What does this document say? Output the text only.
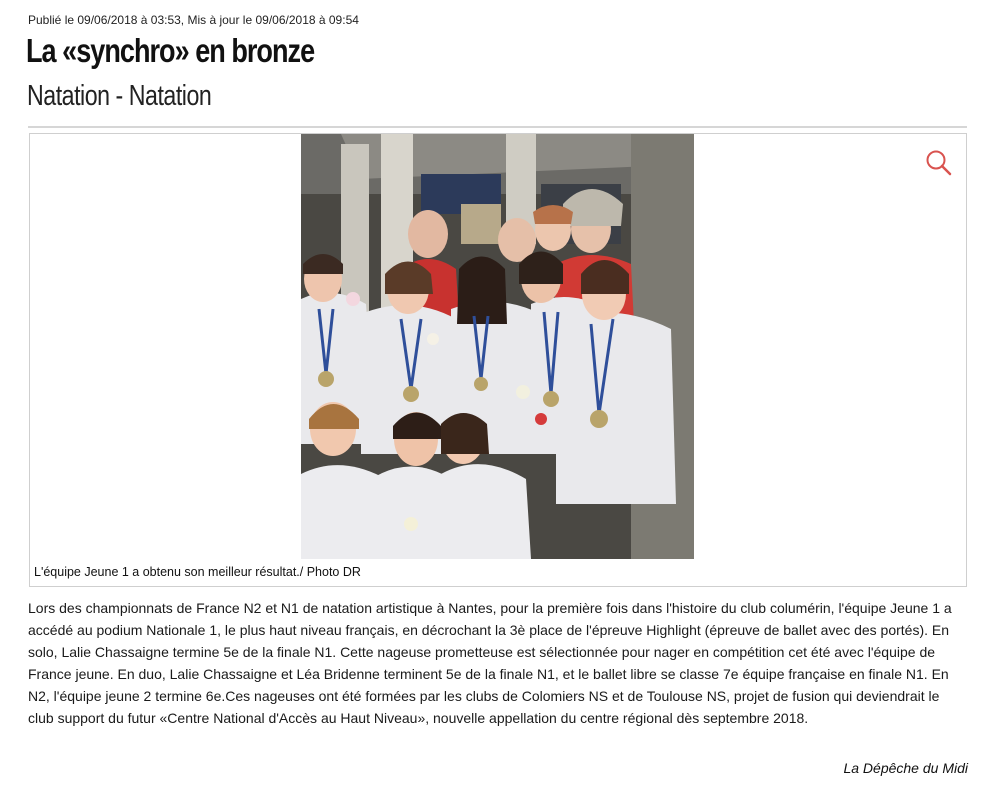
Publié le 09/06/2018 à 03:53, Mis à jour le 09/06/2018 à 09:54
La «synchro» en bronze
Natation - Natation
L'équipe Jeune 1 a obtenu son meilleur résultat./ Photo DR

Lors des championnats de France N2 et N1 de natation artistique à Nantes, pour la première fois dans l'histoire du club columérin, l'équipe Jeune 1 a accédé au podium Nationale 1, le plus haut niveau français, en décrochant la 3è place de l'épreuve Highlight (épreuve de ballet avec des portés). En solo, Lalie Chassaigne termine 5e de la finale N1. Cette nageuse prometteuse est sélectionnée pour nager en compétition cet été avec l'équipe de France jeune. En duo, Lalie Chassaigne et Léa Bridenne terminent 5e de la finale N1, et le ballet libre se classe 7e équipe française en finale N1. En N2, l'équipe jeune 2 termine 6e.Ces nageuses ont été formées par les clubs de Colomiers NS et de Toulouse NS, projet de fusion qui deviendrait le club support du futur «Centre National d'Accès au Haut Niveau», nouvelle appellation du centre régional dès septembre 2018.

La Dépêche du Midi
